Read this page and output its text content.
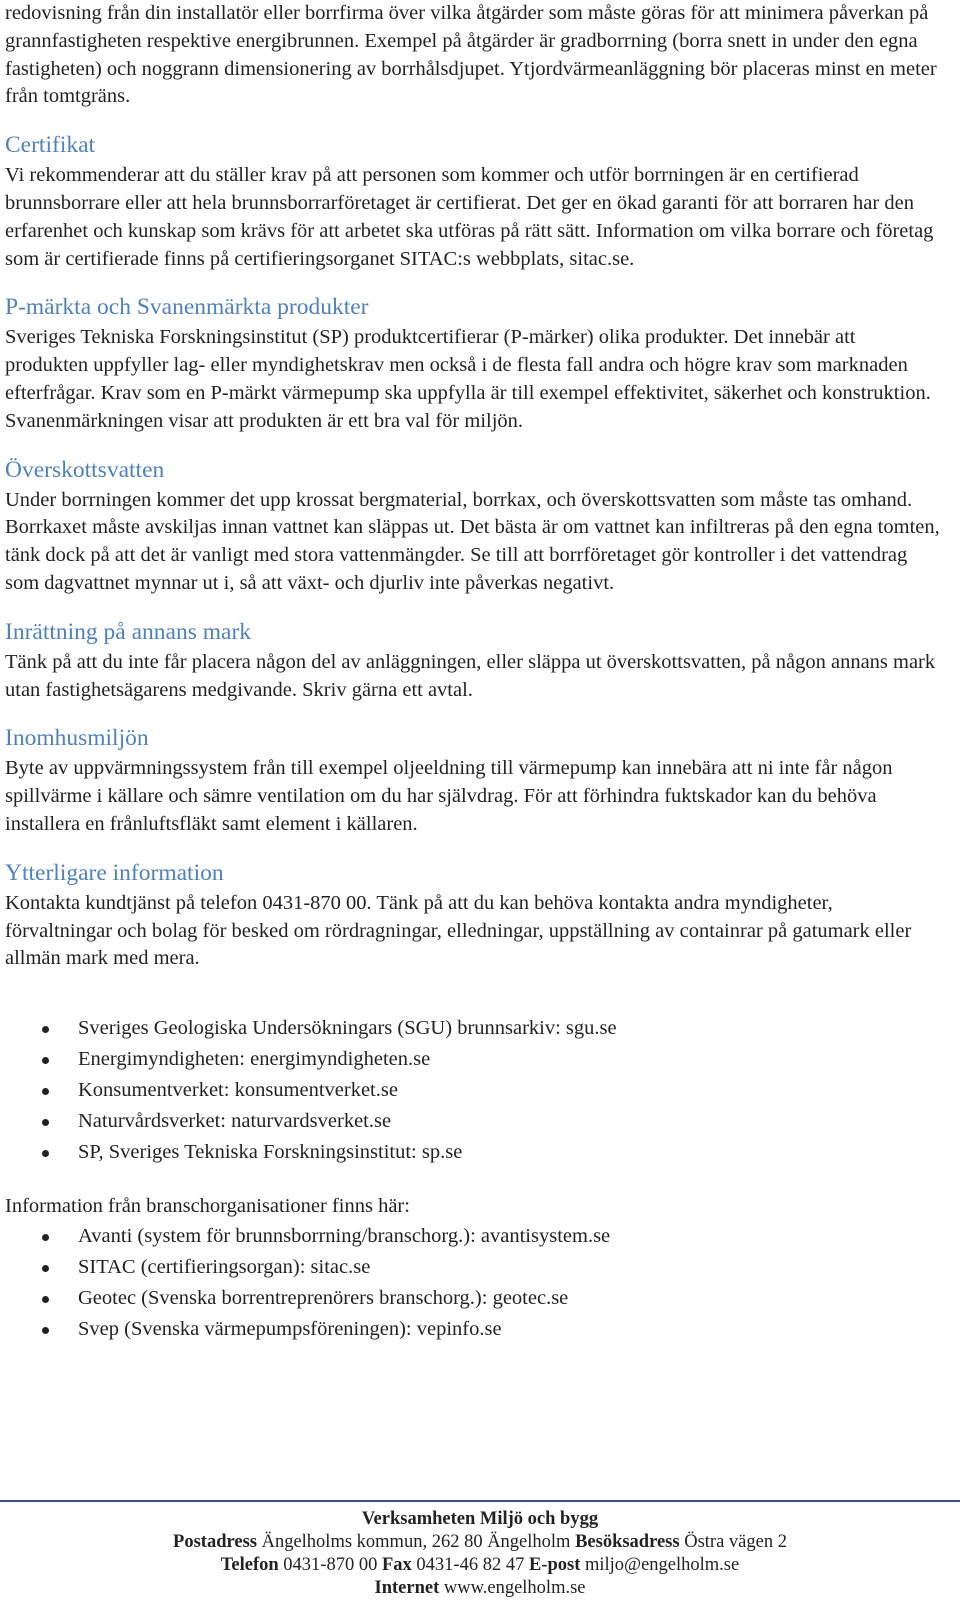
redovisning från din installatör eller borrfirma över vilka åtgärder som måste göras för att minimera påverkan på grannfastigheten respektive energibrunnen. Exempel på åtgärder är gradborrning (borra snett in under den egna fastigheten) och noggrann dimensionering av borrhålsdjupet. Ytjordvärmeanläggning bör placeras minst en meter från tomtgräns.

Certifikat

Vi rekommenderar att du ställer krav på att personen som kommer och utför borrningen är en certifierad brunnsborrare eller att hela brunnsborrarföretaget är certifierat. Det ger en ökad garanti för att borraren har den erfarenhet och kunskap som krävs för att arbetet ska utföras på rätt sätt. Information om vilka borrare och företag som är certifierade finns på certifieringsorganet SITAC:s webbplats, sitac.se.

P-märkta och Svanenmärkta produkter

Sveriges Tekniska Forskningsinstitut (SP) produktcertifierar (P-märker) olika produkter. Det innebär att produkten uppfyller lag- eller myndighetskrav men också i de flesta fall andra och högre krav som marknaden efterfrågar. Krav som en P-märkt värmepump ska uppfylla är till exempel effektivitet, säkerhet och konstruktion. Svanenmärkningen visar att produkten är ett bra val för miljön.

Överskottsvatten

Under borrningen kommer det upp krossat bergmaterial, borrkax, och överskottsvatten som måste tas omhand. Borrkaxet måste avskiljas innan vattnet kan släppas ut. Det bästa är om vattnet kan infiltreras på den egna tomten, tänk dock på att det är vanligt med stora vattenmängder. Se till att borrföretaget gör kontroller i det vattendrag som dagvattnet mynnar ut i, så att växt- och djurliv inte påverkas negativt.

Inrättning på annans mark

Tänk på att du inte får placera någon del av anläggningen, eller släppa ut överskottsvatten, på någon annans mark utan fastighetsägarens medgivande. Skriv gärna ett avtal.

Inomhusmiljön

Byte av uppvärmningssystem från till exempel oljeeldning till värmepump kan innebära att ni inte får någon spillvärme i källare och sämre ventilation om du har självdrag. För att förhindra fuktskador kan du behöva installera en frånluftsfläkt samt element i källaren.

Ytterligare information

Kontakta kundtjänst på telefon 0431-870 00. Tänk på att du kan behöva kontakta andra myndigheter, förvaltningar och bolag för besked om rördragningar, elledningar, uppställning av containrar på gatumark eller allmän mark med mera.

Sveriges Geologiska Undersökningars (SGU) brunnsarkiv: sgu.se
Energimyndigheten: energimyndigheten.se
Konsumentverket: konsumentverket.se
Naturvårdsverket: naturvardsverket.se
SP, Sveriges Tekniska Forskningsinstitut: sp.se

Information från branschorganisationer finns här:

Avanti (system för brunnsborrning/branschorg.): avantisystem.se
SITAC (certifieringsorgan): sitac.se
Geotec (Svenska borrentreprenörers branschorg.): geotec.se
Svep (Svenska värmepumpsföreningen): vepinfo.se
Verksamheten Miljö och bygg
Postadress Ängelholms kommun, 262 80 Ängelholm Besöksadress Östra vägen 2
Telefon 0431-870 00 Fax 0431-46 82 47 E-post miljo@engelholm.se
Internet www.engelholm.se
